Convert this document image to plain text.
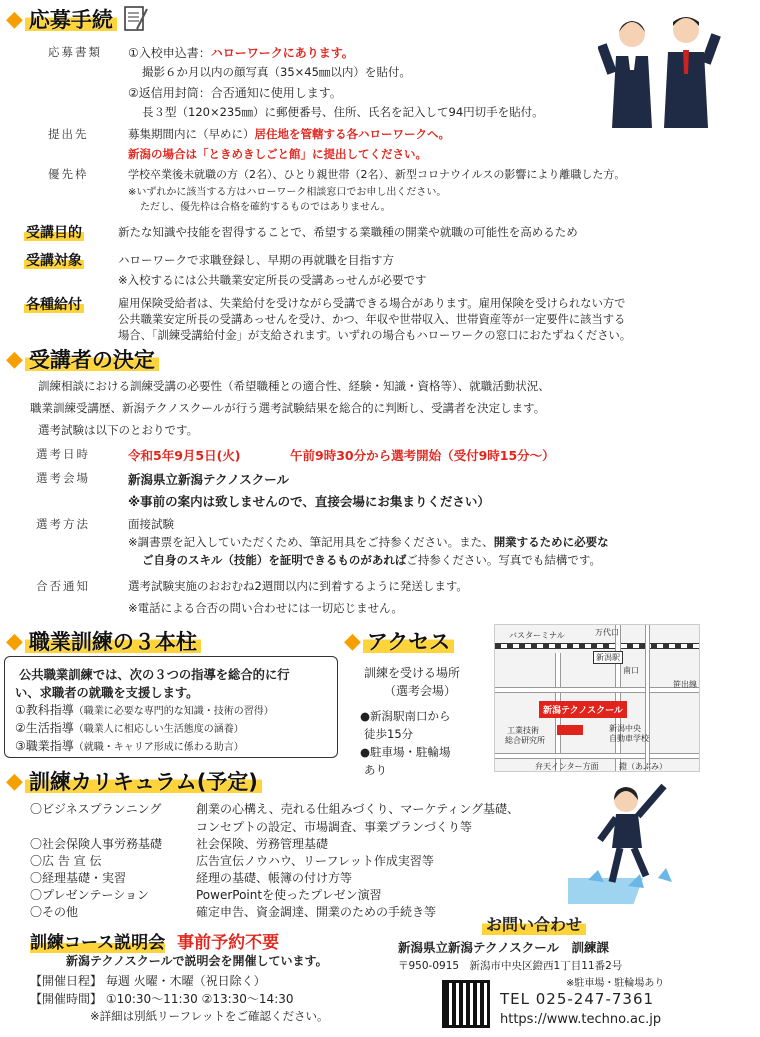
◆ 応募手続
応募書類 ①入校申込書：ハローワークにあります。
撮影６か月以内の顔写真（35×45㎜以内）を貼付。
②返信用封筒：合否通知に使用します。
長３型（120×235㎜）に郵便番号、住所、氏名を記入して94円切手を貼付。
提出先	募集期間内に（早めに）居住地を管轄する各ハローワークへ。
新潟の場合は「ときめきしごと館」に提出してください。
優先枠	学校卒業後未就職の方（2名）、ひとり親世帯（2名）、新型コロナウイルスの影響により離職した方。
※いずれかに該当する方はハローワーク相談窓口でお申し出ください。
ただし、優先枠は合格を確約するものではありません。
受講目的	新たな知識や技能を習得することで、希望する業職種の開業や就職の可能性を高めるため
受講対象	ハローワークで求職登録し、早期の再就職を目指す方
※入校するには公共職業安定所長の受講あっせんが必要です
各種給付	雇用保険受給者は、失業給付を受けながら受講できる場合があります。雇用保険を受けられない方で
公共職業安定所長の受講あっせんを受け、かつ、年収や世帯収入、世帯資産等が一定要件に該当する
場合、「訓練受講給付金」が支給されます。いずれの場合もハローワークの窓口におたずねください。
◆ 受講者の決定
訓練相談における訓練受講の必要性（希望職種との適合性、経験・知識・資格等）、就職活動状況、
職業訓練受講歴、新潟テクノスクールが行う選考試験結果を総合的に判断し、受講者を決定します。
選考試験は以下のとおりです。
選考日時	令和5年9月5日(火)	午前9時30分から選考開始（受付9時15分～）
選考会場	新潟県立新潟テクノスクール
※事前の案内は致しませんので、直接会場にお集まりください）
選考方法	面接試験
※調書票を記入していただくため、筆記用具をご持参ください。また、開業するために必要な
ご自身のスキル（技能）を証明できるものがあればご持参ください。写真でも結構です。
合否通知	選考試験実施のおおむね2週間以内に到着するように発送します。
※電話による合否の問い合わせには一切応じません。
◆ 職業訓練の３本柱
公共職業訓練では、次の３つの指導を総合的に行
い、求職者の就職を支援します。
①教科指導（職業に必要な専門的な知識・技術の習得）
②生活指導（職業人に相応しい生活態度の涵養）
③職業指導（就職・キャリア形成に係わる助言）
◆ アクセス
訓練を受ける場所
（選考会場）
●新潟駅南口から
徒歩15分
●駐車場・駐輪場
あり
バスターミナル	万代口
新潟駅
南口
笹出線
新潟テクノスクール
工業技術
総合研究所
新潟中央
自動車学校
弁天インター方面	鐙（あぶみ）
◆ 訓練カリキュラム(予定)
〇ビジネスプランニング	創業の心構え、売れる仕組みづくり、マーケティング基礎、
コンセプトの設定、市場調査、事業プランづくり等
〇社会保険人事労務基礎	社会保険、労務管理基礎
〇広 告 宣 伝	広告宣伝ノウハウ、リーフレット作成実習等
〇経理基礎・実習	経理の基礎、帳簿の付け方等
〇プレゼンテーション	PowerPointを使ったプレゼン演習
〇その他	確定申告、資金調達、開業のための手続き等
訓練コース説明会 事前予約不要
新潟テクノスクールで説明会を開催しています。
【開催日程】 毎週 火曜・木曜（祝日除く）
【開催時間】 ①10:30～11:30 ②13:30～14:30
※詳細は別紙リーフレットをご確認ください。
お問い合わせ
新潟県立新潟テクノスクール　訓練課
〒950-0915　新潟市中央区鐙西1丁目11番2号
※駐車場・駐輪場あり
TEL 025-247-7361
https://www.techno.ac.jp
